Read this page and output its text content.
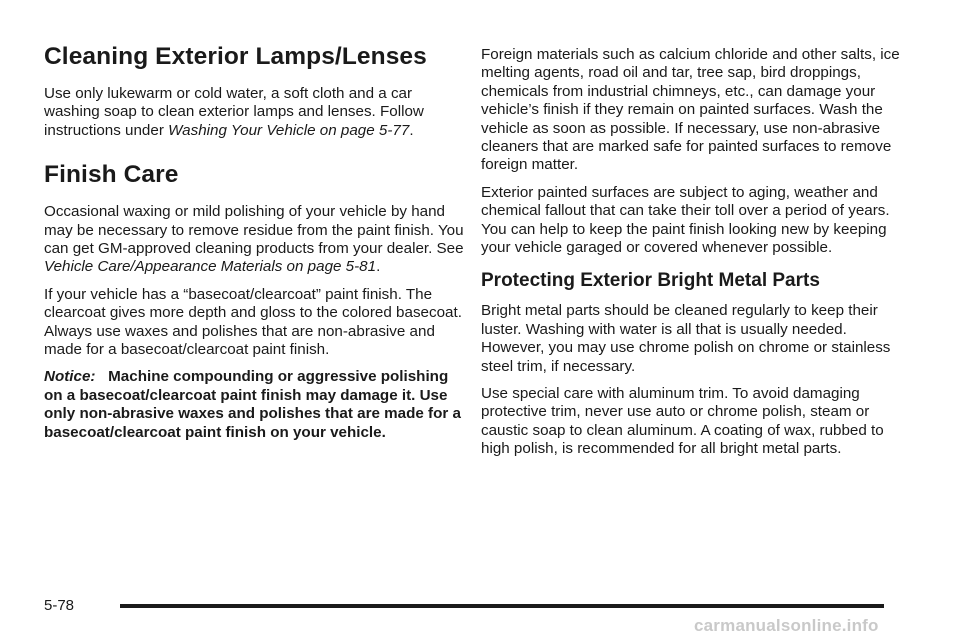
Cleaning Exterior Lamps/Lenses

Use only lukewarm or cold water, a soft cloth and a car washing soap to clean exterior lamps and lenses. Follow instructions under Washing Your Vehicle on page 5-77.

Finish Care

Occasional waxing or mild polishing of your vehicle by hand may be necessary to remove residue from the paint finish. You can get GM-approved cleaning products from your dealer. See Vehicle Care/Appearance Materials on page 5-81.

If your vehicle has a “basecoat/clearcoat” paint finish. The clearcoat gives more depth and gloss to the colored basecoat. Always use waxes and polishes that are non-abrasive and made for a basecoat/clearcoat paint finish.

Notice: Machine compounding or aggressive polishing on a basecoat/clearcoat paint finish may damage it. Use only non-abrasive waxes and polishes that are made for a basecoat/clearcoat paint finish on your vehicle.

Foreign materials such as calcium chloride and other salts, ice melting agents, road oil and tar, tree sap, bird droppings, chemicals from industrial chimneys, etc., can damage your vehicle’s finish if they remain on painted surfaces. Wash the vehicle as soon as possible. If necessary, use non-abrasive cleaners that are marked safe for painted surfaces to remove foreign matter.

Exterior painted surfaces are subject to aging, weather and chemical fallout that can take their toll over a period of years. You can help to keep the paint finish looking new by keeping your vehicle garaged or covered whenever possible.

Protecting Exterior Bright Metal Parts

Bright metal parts should be cleaned regularly to keep their luster. Washing with water is all that is usually needed. However, you may use chrome polish on chrome or stainless steel trim, if necessary.

Use special care with aluminum trim. To avoid damaging protective trim, never use auto or chrome polish, steam or caustic soap to clean aluminum. A coating of wax, rubbed to high polish, is recommended for all bright metal parts.

5-78
carmanualsonline.info
